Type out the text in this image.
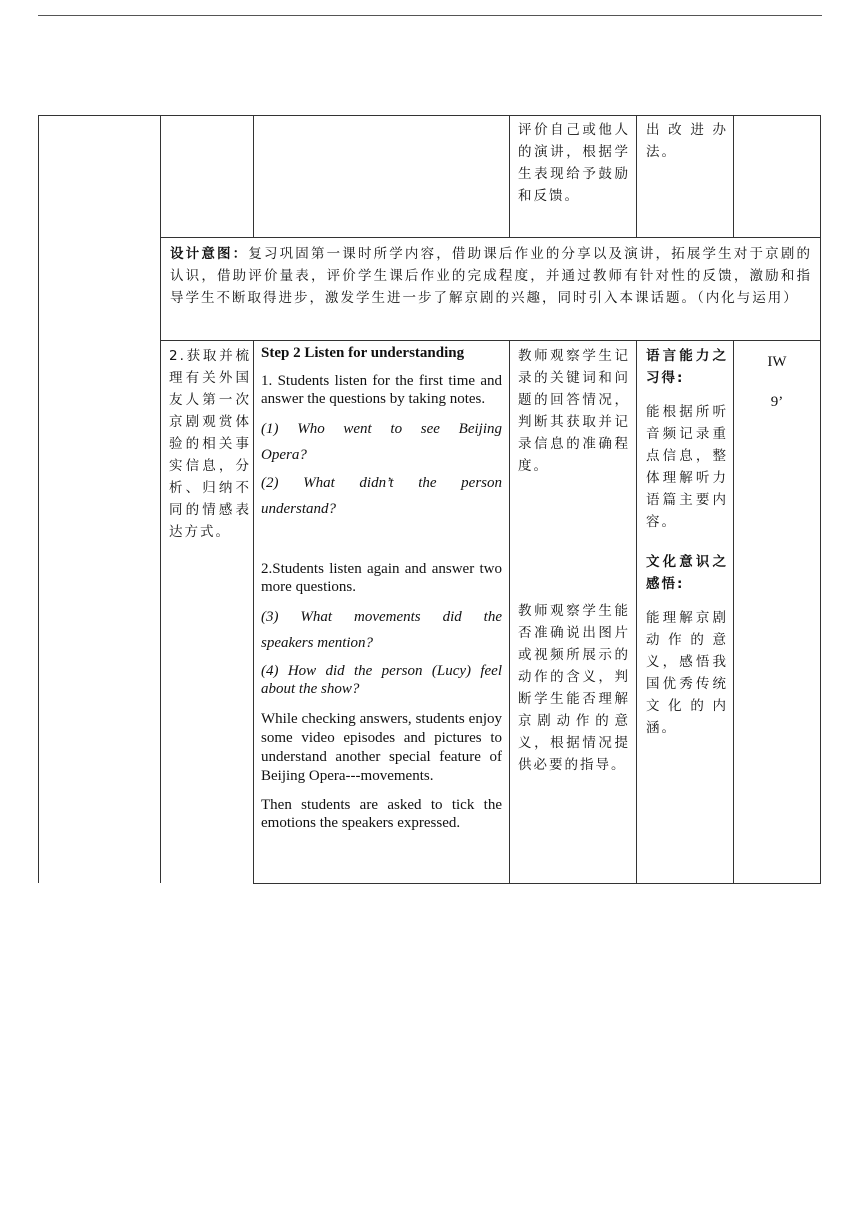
评价自己或他人的演讲，根据学生表现给予鼓励和反馈。
出改进办法。
设计意图：复习巩固第一课时所学内容，借助课后作业的分享以及演讲，拓展学生对于京剧的认识，借助评价量表，评价学生课后作业的完成程度，并通过教师有针对性的反馈，激励和指导学生不断取得进步，激发学生进一步了解京剧的兴趣，同时引入本课话题。（内化与运用）
2.获取并梳理有关外国友人第一次京剧观赏体验的相关事实信息，分析、归纳不同的情感表达方式。

Step 2 Listen for understanding

1. Students listen for the first time and answer the questions by taking notes.

(1) Who went to see Beijing

Opera?

(2) What didn’t the person

understand?

2.Students listen again and answer two more questions.

(3) What movements did the

speakers mention?

(4) How did the person (Lucy) feel about the show?

While checking answers, students enjoy some video episodes and pictures to understand another special feature of Beijing Opera---movements.

Then students are asked to tick the emotions the speakers expressed.

教师观察学生记录的关键词和问题的回答情况，判断其获取并记录信息的准确程度。
教师观察学生能否准确说出图片或视频所展示的动作的含义，判断学生能否理解京剧动作的意义，根据情况提供必要的指导。

语言能力之习得:

能根据所听音频记录重点信息，整体理解听力语篇主要内容。

文化意识之感悟:

能理解京剧动作的意义，感悟我国优秀传统文化的内涵。

IW

9’
